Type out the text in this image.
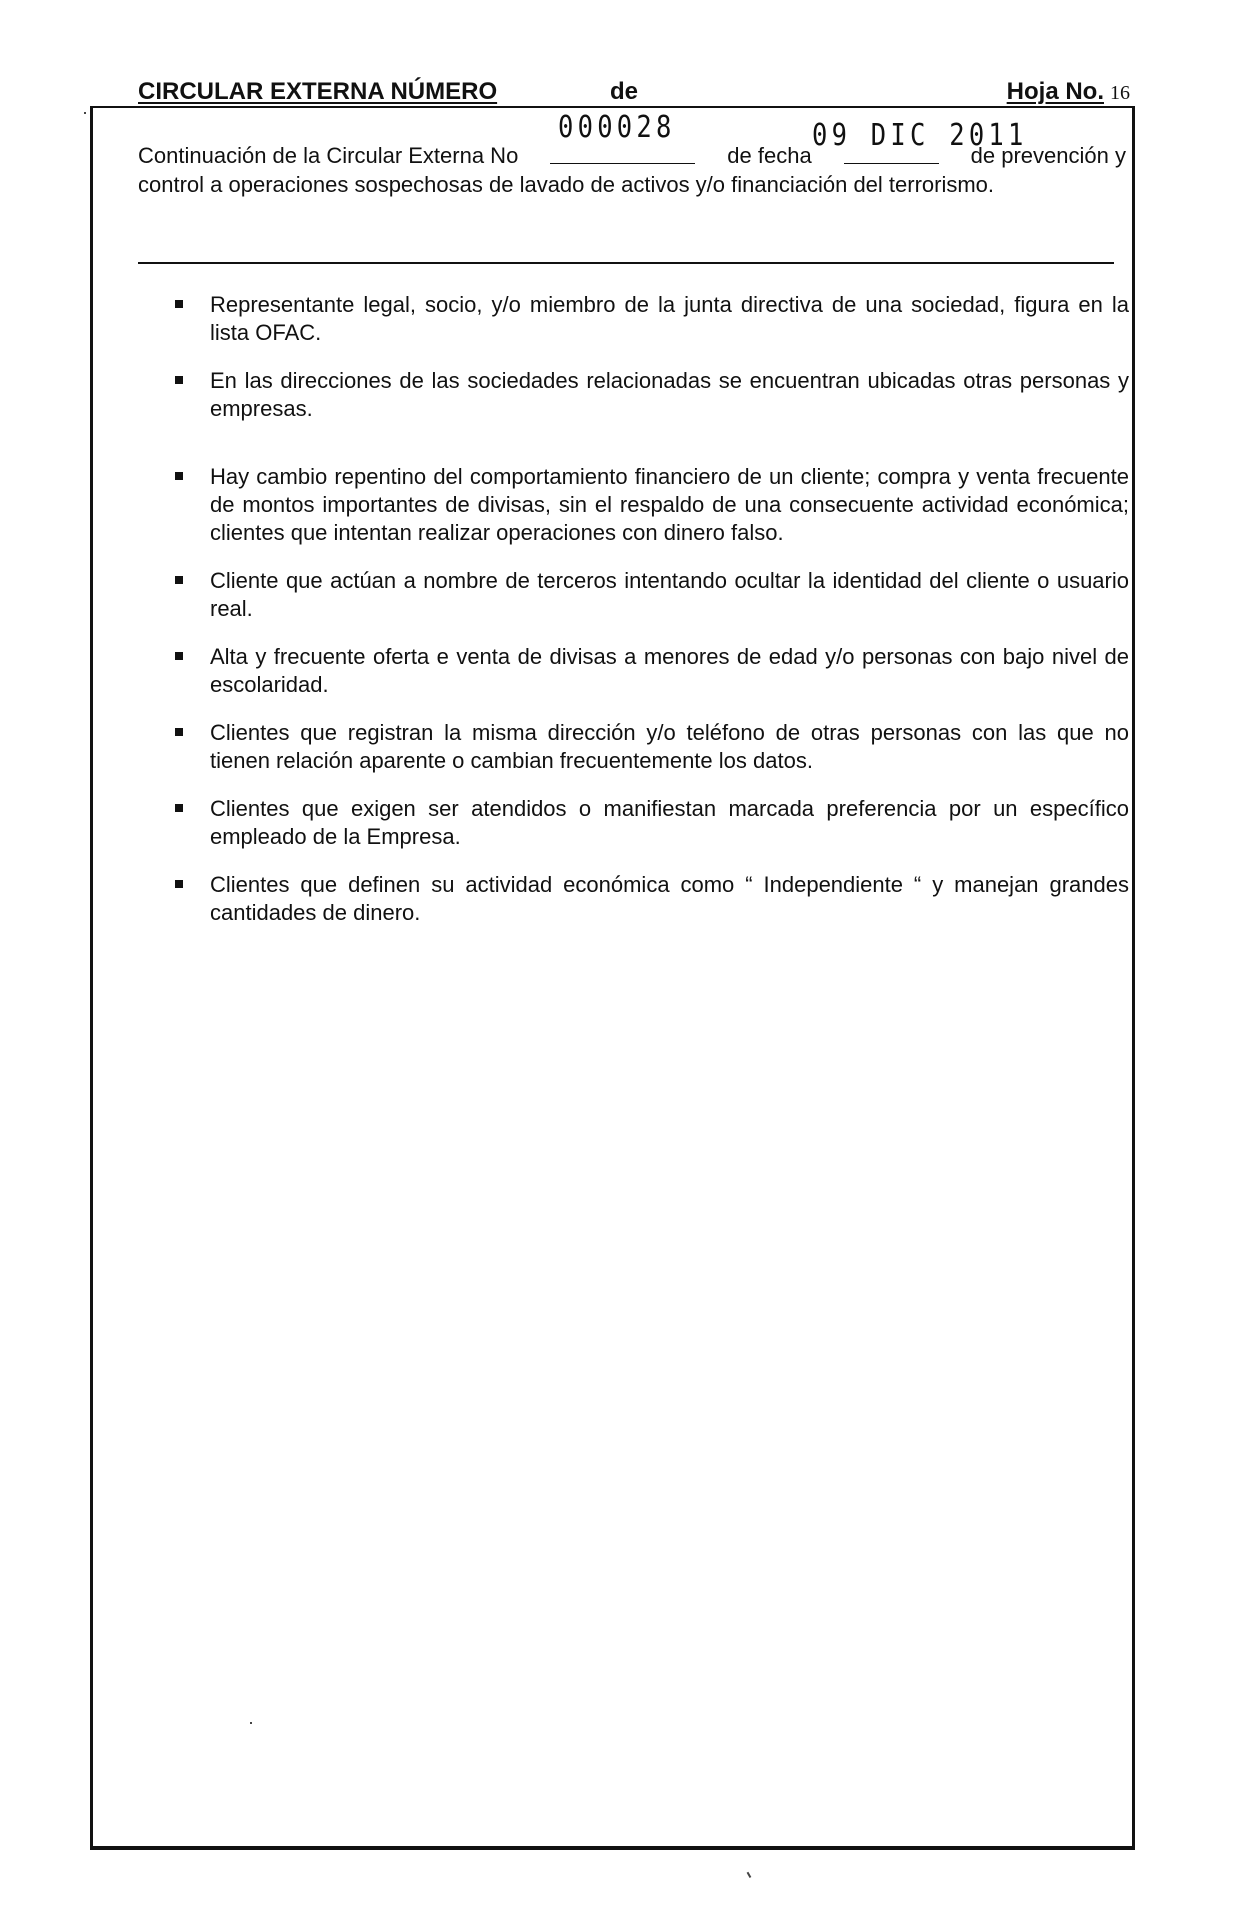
CIRCULAR EXTERNA NÚMERO	de	Hoja No. 16
000028	09 DIC 2011
Continuación de la Circular Externa No	de fecha	de prevención y
control a operaciones sospechosas de lavado de activos y/o financiación del terrorismo.
Representante legal, socio, y/o miembro de la junta directiva de una sociedad, figura en la lista OFAC.
En las direcciones de las sociedades relacionadas se encuentran ubicadas otras personas y empresas.
Hay cambio repentino del comportamiento financiero de un cliente; compra y venta frecuente de montos importantes de divisas, sin el respaldo de una consecuente actividad económica; clientes que intentan realizar operaciones con dinero falso.
Cliente que actúan a nombre de terceros intentando ocultar la identidad del cliente o usuario real.
Alta y frecuente oferta e venta de divisas a menores de edad y/o personas con bajo nivel de escolaridad.
Clientes que registran la misma dirección y/o teléfono de otras personas con las que no tienen relación aparente o cambian frecuentemente los datos.
Clientes que exigen ser atendidos o manifiestan marcada preferencia por un específico empleado de la Empresa.
Clientes que definen su actividad económica como “ Independiente “ y manejan grandes cantidades de dinero.
